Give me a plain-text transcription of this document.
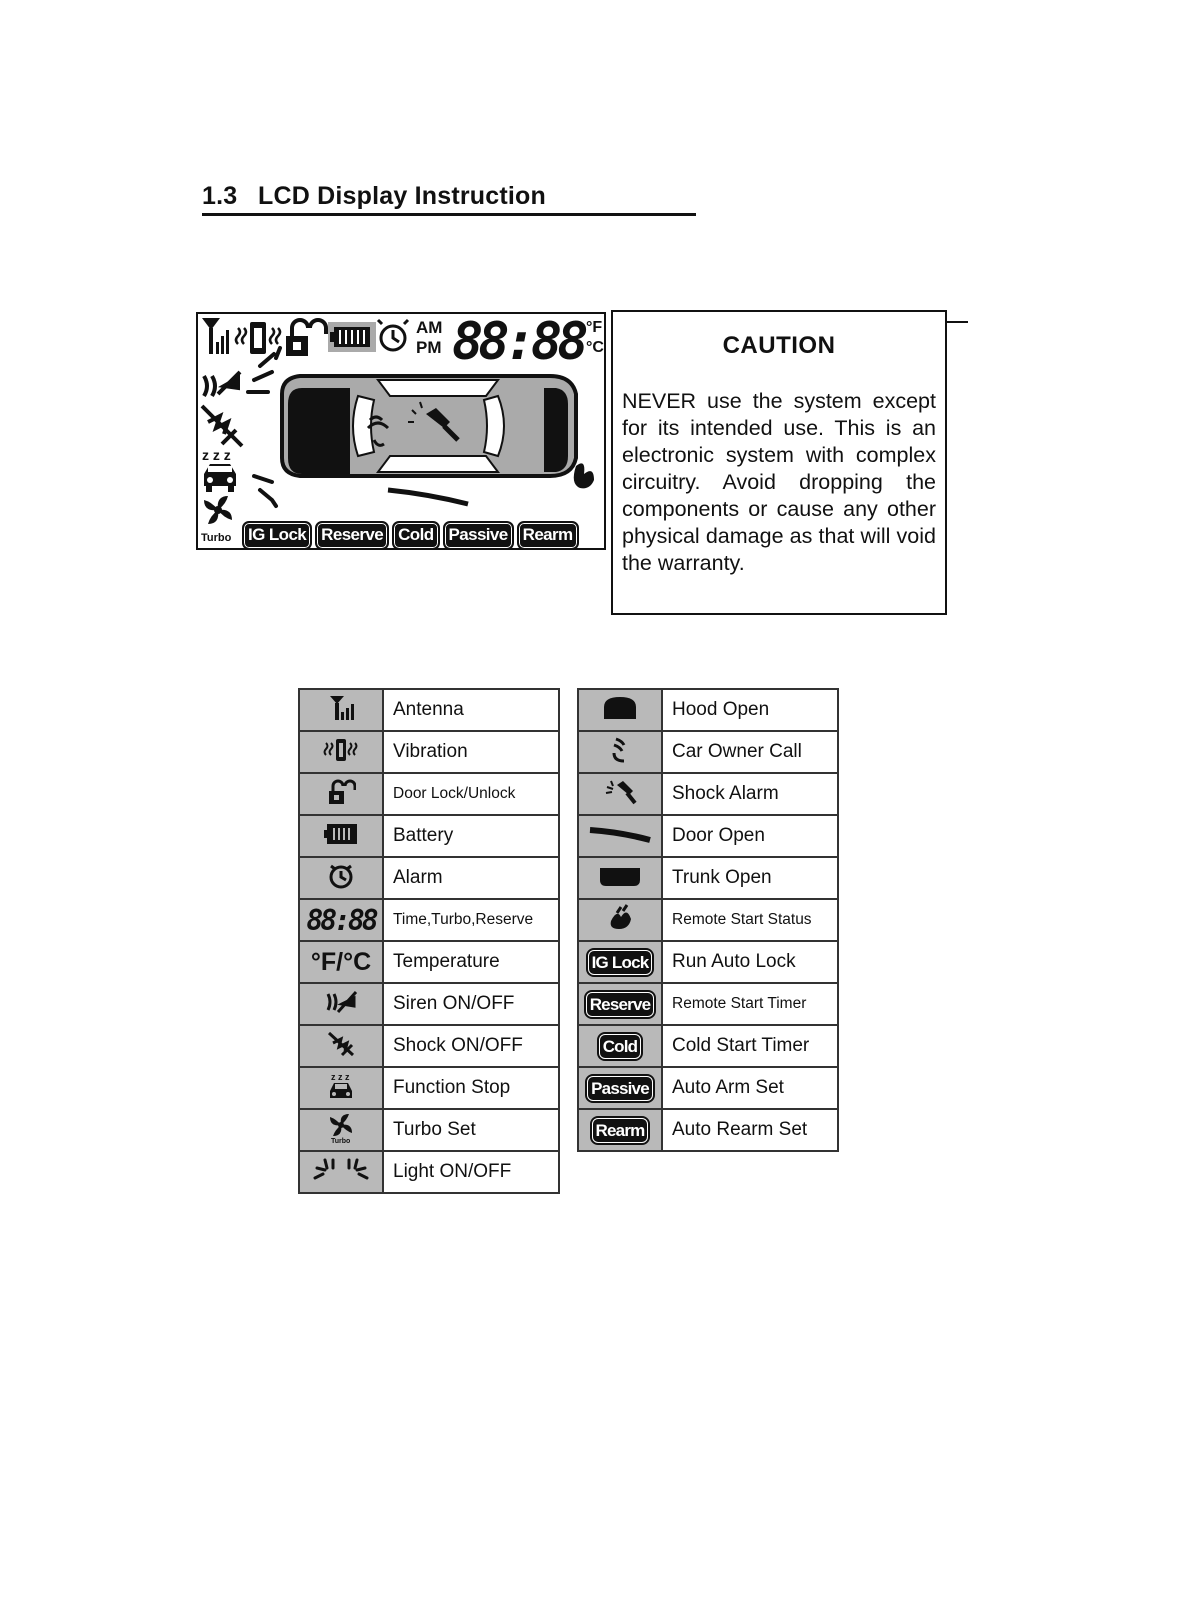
1.3 LCD Display Instruction
z z z
AM
PM 88:88 °F
°C
Turbo IG Lock Reserve Cold Passive Rearm
CAUTION
NEVER use the system except for its intended use. This is an electronic system with complex circuitry. Avoid dropping the components or cause any other physical damage as that will void the warranty.
	Antenna
	Vibration
	Door Lock/Unlock
	Battery
	Alarm
88:88	Time,Turbo,Reserve
°F/°C	Temperature
	Siren ON/OFF
	Shock ON/OFF

z z z	Function Stop

Turbo	Turbo Set
	Light ON/OFF
	Hood Open
	Car Owner Call
	Shock Alarm
	Door Open
	Trunk Open
	Remote Start Status
IG Lock	Run Auto Lock
Reserve	Remote Start Timer
Cold	Cold Start Timer
Passive	Auto Arm Set
Rearm	Auto Rearm Set
